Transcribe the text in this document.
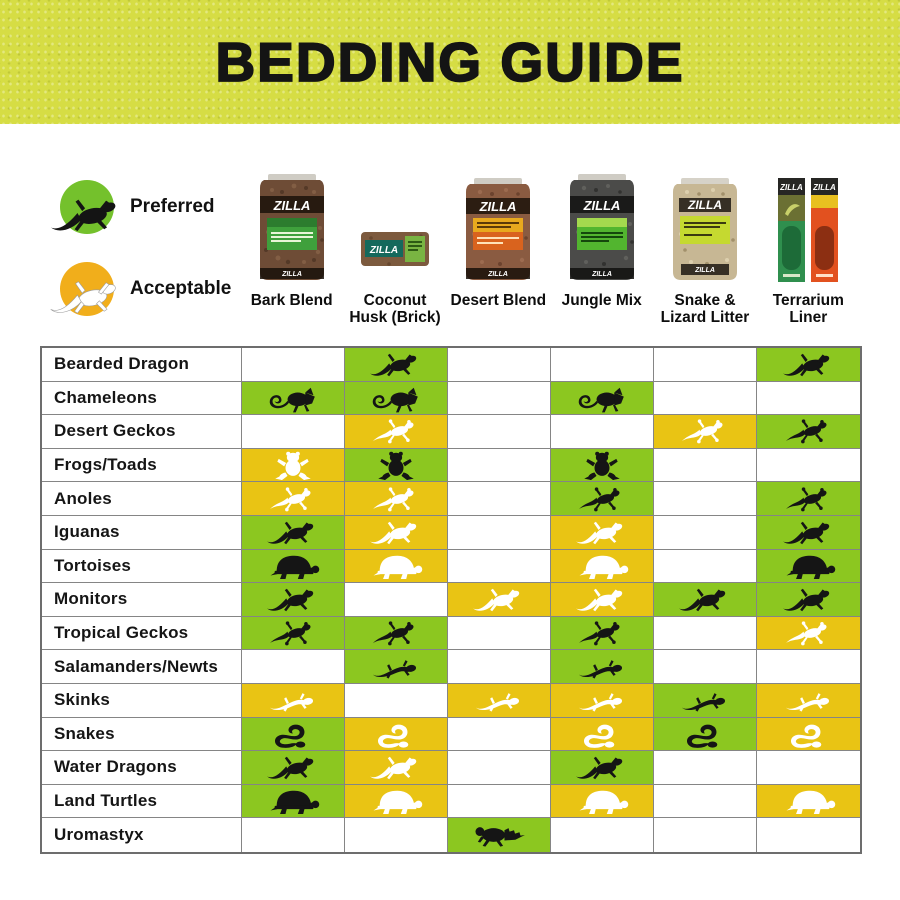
BEDDING GUIDE
Preferred
Acceptable
ZILLA
ZILLA
Bark Blend
ZILLA
Coconut Husk (Brick)
ZILLA
ZILLA
Desert Blend
ZILLA
ZILLA
Jungle Mix
ZILLA
ZILLA
Snake & Lizard Litter
ZILLA ZILLA
Terrarium Liner
Bearded Dragon
Chameleons
Desert Geckos
Frogs/Toads
Anoles
Iguanas
Tortoises
Monitors
Tropical Geckos
Salamanders/Newts
Skinks
Snakes
Water Dragons
Land Turtles
Uromastyx
